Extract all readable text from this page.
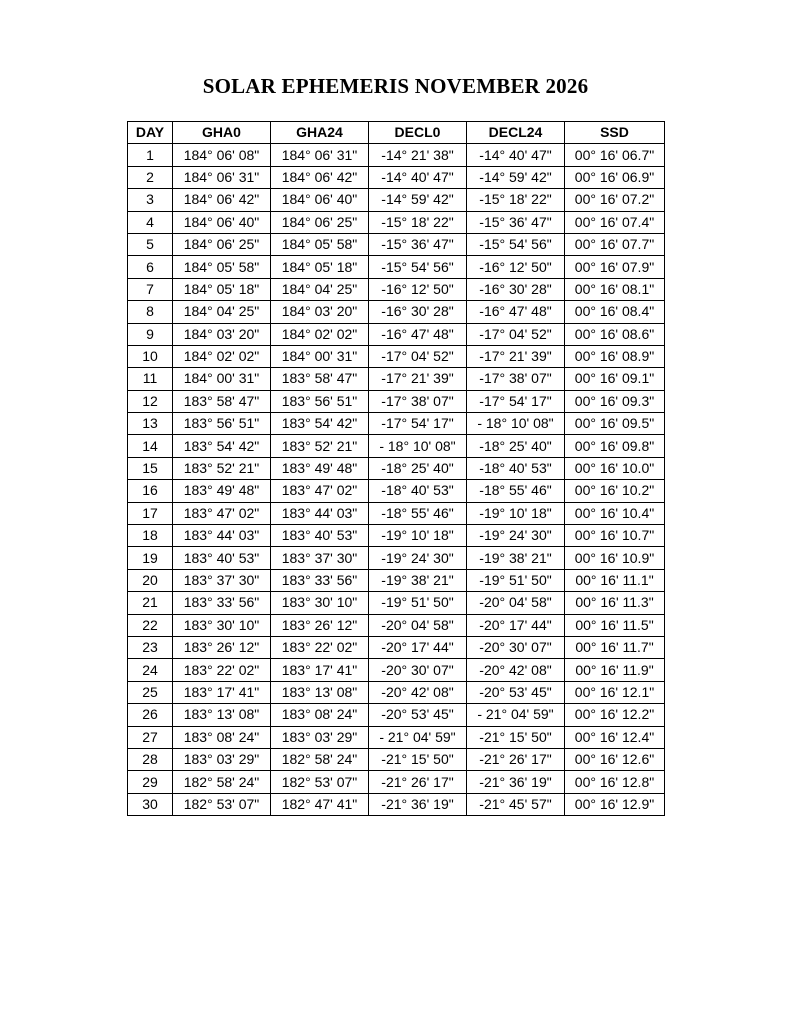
SOLAR EPHEMERIS NOVEMBER 2026
DAY	GHA0	GHA24	DECL0	DECL24	SSD
1	184° 06' 08"	184° 06' 31"	-14° 21' 38"	-14° 40' 47"	00° 16' 06.7"
2	184° 06' 31"	184° 06' 42"	-14° 40' 47"	-14° 59' 42"	00° 16' 06.9"
3	184° 06' 42"	184° 06' 40"	-14° 59' 42"	-15° 18' 22"	00° 16' 07.2"
4	184° 06' 40"	184° 06' 25"	-15° 18' 22"	-15° 36' 47"	00° 16' 07.4"
5	184° 06' 25"	184° 05' 58"	-15° 36' 47"	-15° 54' 56"	00° 16' 07.7"
6	184° 05' 58"	184° 05' 18"	-15° 54' 56"	-16° 12' 50"	00° 16' 07.9"
7	184° 05' 18"	184° 04' 25"	-16° 12' 50"	-16° 30' 28"	00° 16' 08.1"
8	184° 04' 25"	184° 03' 20"	-16° 30' 28"	-16° 47' 48"	00° 16' 08.4"
9	184° 03' 20"	184° 02' 02"	-16° 47' 48"	-17° 04' 52"	00° 16' 08.6"
10	184° 02' 02"	184° 00' 31"	-17° 04' 52"	-17° 21' 39"	00° 16' 08.9"
11	184° 00' 31"	183° 58' 47"	-17° 21' 39"	-17° 38' 07"	00° 16' 09.1"
12	183° 58' 47"	183° 56' 51"	-17° 38' 07"	-17° 54' 17"	00° 16' 09.3"
13	183° 56' 51"	183° 54' 42"	-17° 54' 17"	- 18° 10' 08"	00° 16' 09.5"
14	183° 54' 42"	183° 52' 21"	- 18° 10' 08"	-18° 25' 40"	00° 16' 09.8"
15	183° 52' 21"	183° 49' 48"	-18° 25' 40"	-18° 40' 53"	00° 16' 10.0"
16	183° 49' 48"	183° 47' 02"	-18° 40' 53"	-18° 55' 46"	00° 16' 10.2"
17	183° 47' 02"	183° 44' 03"	-18° 55' 46"	-19° 10' 18"	00° 16' 10.4"
18	183° 44' 03"	183° 40' 53"	-19° 10' 18"	-19° 24' 30"	00° 16' 10.7"
19	183° 40' 53"	183° 37' 30"	-19° 24' 30"	-19° 38' 21"	00° 16' 10.9"
20	183° 37' 30"	183° 33' 56"	-19° 38' 21"	-19° 51' 50"	00° 16' 11.1"
21	183° 33' 56"	183° 30' 10"	-19° 51' 50"	-20° 04' 58"	00° 16' 11.3"
22	183° 30' 10"	183° 26' 12"	-20° 04' 58"	-20° 17' 44"	00° 16' 11.5"
23	183° 26' 12"	183° 22' 02"	-20° 17' 44"	-20° 30' 07"	00° 16' 11.7"
24	183° 22' 02"	183° 17' 41"	-20° 30' 07"	-20° 42' 08"	00° 16' 11.9"
25	183° 17' 41"	183° 13' 08"	-20° 42' 08"	-20° 53' 45"	00° 16' 12.1"
26	183° 13' 08"	183° 08' 24"	-20° 53' 45"	- 21° 04' 59"	00° 16' 12.2"
27	183° 08' 24"	183° 03' 29"	- 21° 04' 59"	-21° 15' 50"	00° 16' 12.4"
28	183° 03' 29"	182° 58' 24"	-21° 15' 50"	-21° 26' 17"	00° 16' 12.6"
29	182° 58' 24"	182° 53' 07"	-21° 26' 17"	-21° 36' 19"	00° 16' 12.8"
30	182° 53' 07"	182° 47' 41"	-21° 36' 19"	-21° 45' 57"	00° 16' 12.9"
